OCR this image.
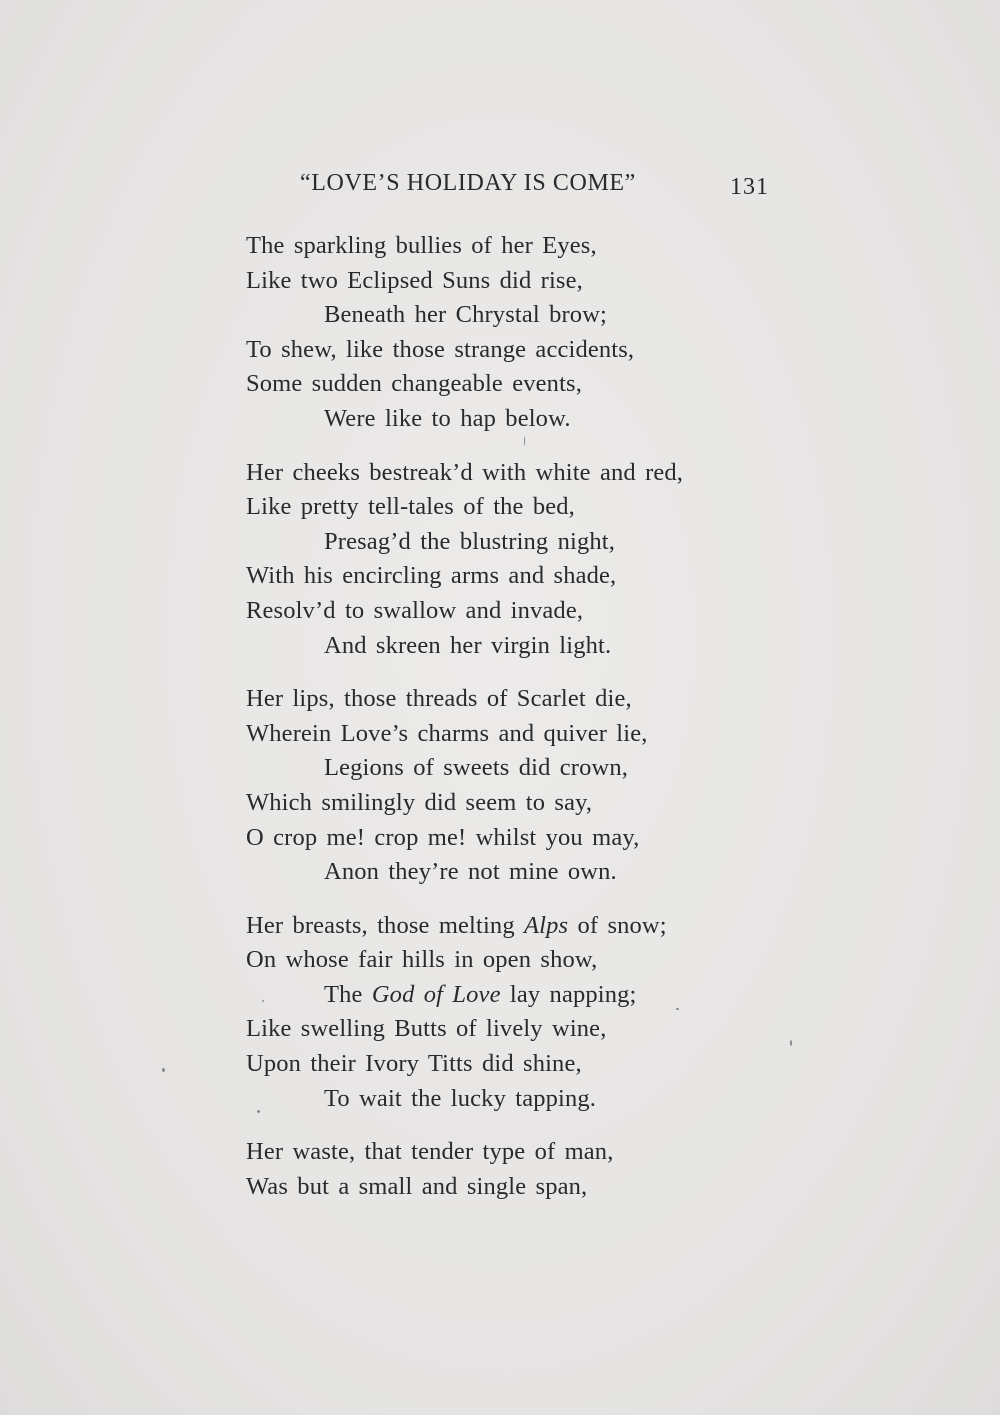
“LOVE’S HOLIDAY IS COME”	131
The sparkling bullies of her Eyes,
Like two Eclipsed Suns did rise,
Beneath her Chrystal brow;
To shew, like those strange accidents,
Some sudden changeable events,
Were like to hap below.
Her cheeks bestreak’d with white and red,
Like pretty tell-tales of the bed,
Presag’d the blustring night,
With his encircling arms and shade,
Resolv’d to swallow and invade,
And skreen her virgin light.
Her lips, those threads of Scarlet die,
Wherein Love’s charms and quiver lie,
Legions of sweets did crown,
Which smilingly did seem to say,
O crop me! crop me! whilst you may,
Anon they’re not mine own.
Her breasts, those melting Alps of snow;
On whose fair hills in open show,
The God of Love lay napping;
Like swelling Butts of lively wine,
Upon their Ivory Titts did shine,
To wait the lucky tapping.
Her waste, that tender type of man,
Was but a small and single span,
